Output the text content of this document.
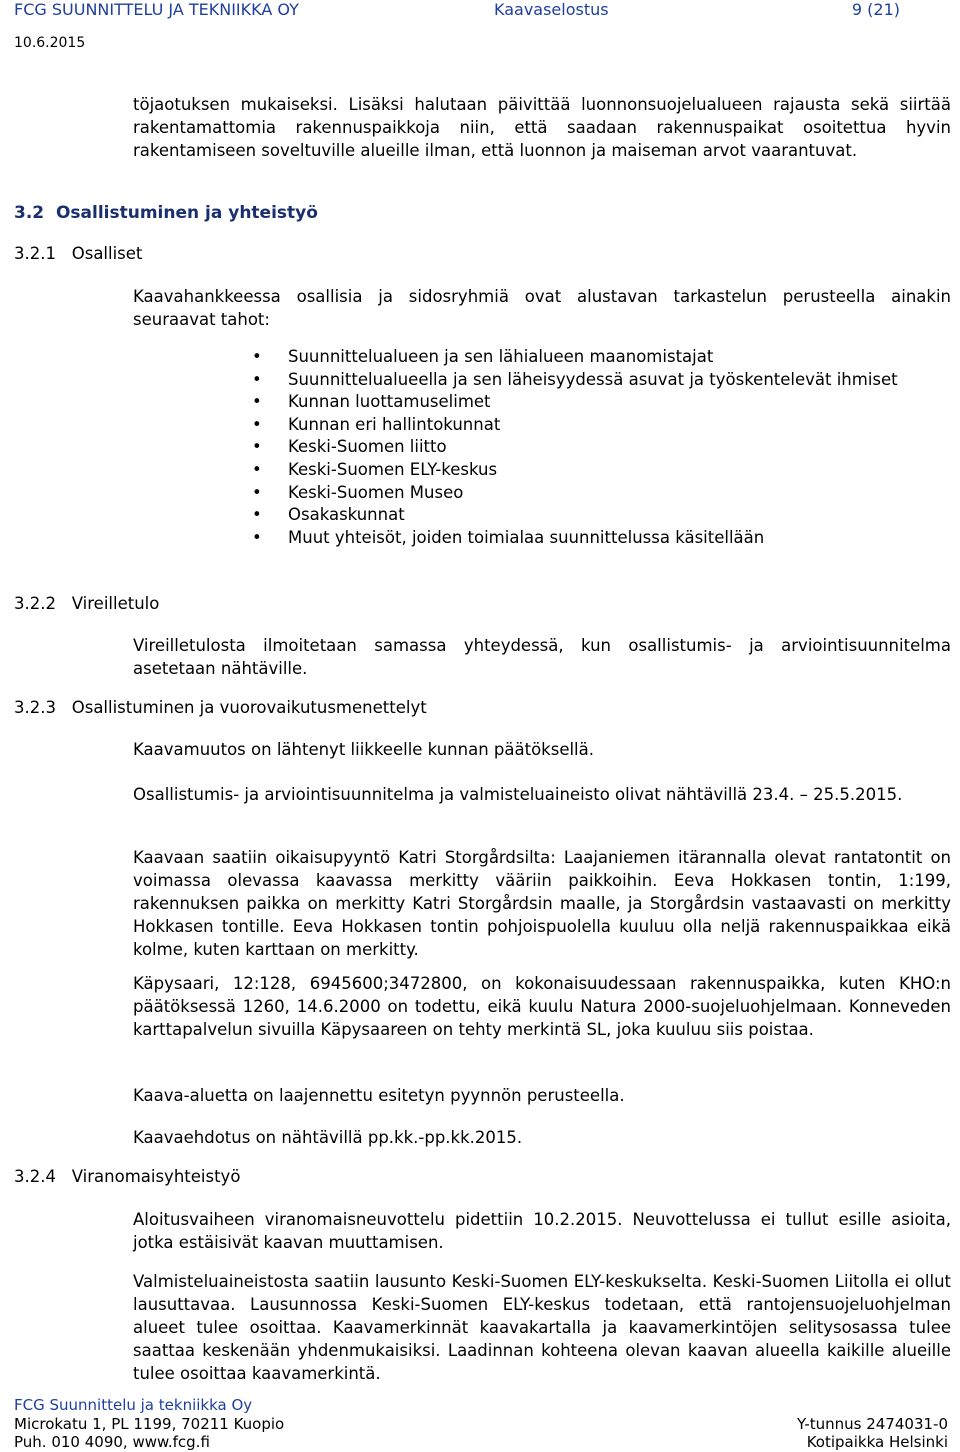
FCG SUUNNITTELU JA TEKNIIKKA OY	Kaavaselostus	9 (21)
10.6.2015
töjaotuksen mukaiseksi. Lisäksi halutaan päivittää luonnonsuojelualueen rajausta sekä siirtää rakentamattomia rakennuspaikkoja niin, että saadaan rakennuspaikat osoitettua hyvin rakentamiseen soveltuville alueille ilman, että luonnon ja maiseman arvot vaarantuvat.
3.2 Osallistuminen ja yhteistyö
3.2.1 Osalliset
Kaavahankkeessa osallisia ja sidosryhmiä ovat alustavan tarkastelun perusteella ainakin seuraavat tahot:
• Suunnittelualueen ja sen lähialueen maanomistajat
• Suunnittelualueella ja sen läheisyydessä asuvat ja työskentelevät ihmiset
• Kunnan luottamuselimet
• Kunnan eri hallintokunnat
• Keski-Suomen liitto
• Keski-Suomen ELY-keskus
• Keski-Suomen Museo
• Osakaskunnat
• Muut yhteisöt, joiden toimialaa suunnittelussa käsitellään
3.2.2 Vireilletulo
Vireilletulosta ilmoitetaan samassa yhteydessä, kun osallistumis- ja arviointisuunnitelma asetetaan nähtäville.
3.2.3 Osallistuminen ja vuorovaikutusmenettelyt
Kaavamuutos on lähtenyt liikkeelle kunnan päätöksellä.
Osallistumis- ja arviointisuunnitelma ja valmisteluaineisto olivat nähtävillä 23.4. – 25.5.2015.
Kaavaan saatiin oikaisupyyntö Katri Storgårdsilta: Laajaniemen itärannalla olevat rantatontit on voimassa olevassa kaavassa merkitty vääriin paikkoihin. Eeva Hokkasen tontin, 1:199, rakennuksen paikka on merkitty Katri Storgårdsin maalle, ja Storgårdsin vastaavasti on merkitty Hokkasen tontille. Eeva Hokkasen tontin pohjoispuolella kuuluu olla neljä rakennuspaikkaa eikä kolme, kuten karttaan on merkitty.
Käpysaari, 12:128, 6945600;3472800, on kokonaisuudessaan rakennuspaikka, kuten KHO:n päätöksessä 1260, 14.6.2000 on todettu, eikä kuulu Natura 2000-suojeluohjelmaan. Konneveden karttapalvelun sivuilla Käpysaareen on tehty merkintä SL, joka kuuluu siis poistaa.
Kaava-aluetta on laajennettu esitetyn pyynnön perusteella.
Kaavaehdotus on nähtävillä pp.kk.-pp.kk.2015.
3.2.4 Viranomaisyhteistyö
Aloitusvaiheen viranomaisneuvottelu pidettiin 10.2.2015. Neuvottelussa ei tullut esille asioita, jotka estäisivät kaavan muuttamisen.
Valmisteluaineistosta saatiin lausunto Keski-Suomen ELY-keskukselta. Keski-Suomen Liitolla ei ollut lausuttavaa. Lausunnossa Keski-Suomen ELY-keskus todetaan, että rantojensuojeluohjelman alueet tulee osoittaa. Kaavamerkinnät kaavakartalla ja kaavamerkintöjen selitysosassa tulee saattaa keskenään yhdenmukaisiksi. Laadinnan kohteena olevan kaavan alueella kaikille alueille tulee osoittaa kaavamerkintä.
FCG Suunnittelu ja tekniikka Oy
Microkatu 1, PL 1199, 70211 Kuopio	Y-tunnus 2474031-0
Puh. 010 4090, www.fcg.fi	Kotipaikka Helsinki
